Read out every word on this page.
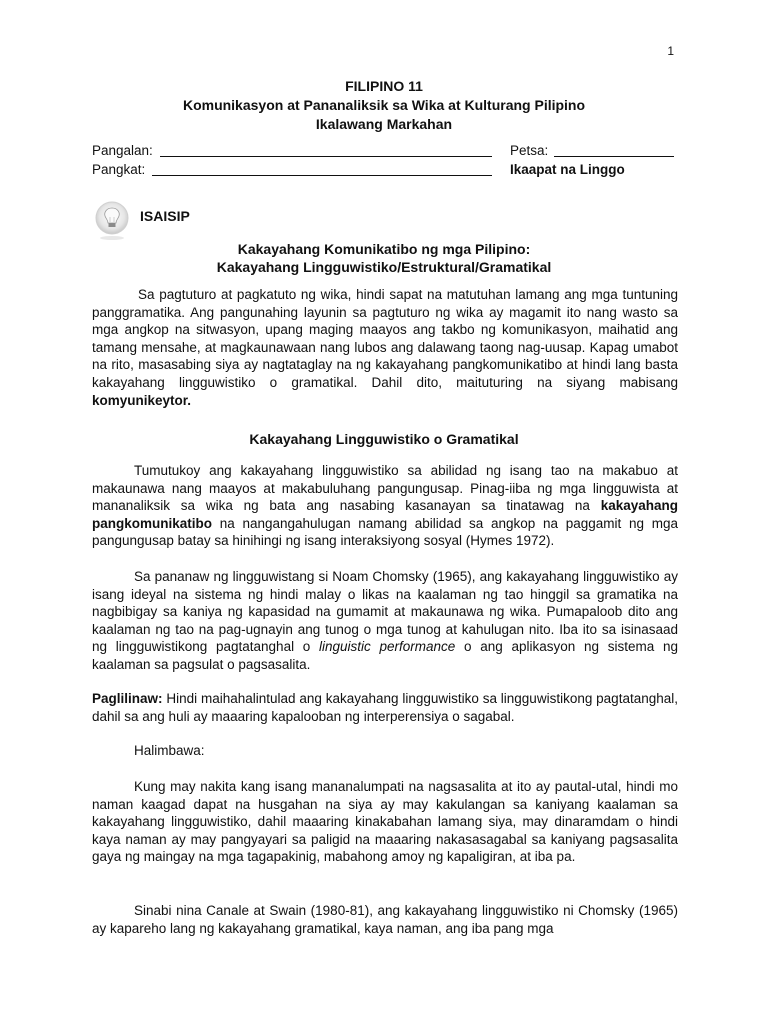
1
FILIPINO 11
Komunikasyon at Pananaliksik sa Wika at Kulturang Pilipino
Ikalawang Markahan
Pangalan:	Petsa:
Pangkat:	Ikaapat na Linggo
ISAISIP
Kakayahang Komunikatibo ng mga Pilipino:
Kakayahang Lingguwistiko/Estruktural/Gramatikal

Sa pagtuturo at pagkatuto ng wika, hindi sapat na matutuhan lamang ang mga tuntuning panggramatika. Ang pangunahing layunin sa pagtuturo ng wika ay magamit ito nang wasto sa mga angkop na sitwasyon, upang maging maayos ang takbo ng komunikasyon, maihatid ang tamang mensahe, at magkaunawaan nang lubos ang dalawang taong nag-uusap. Kapag umabot na rito, masasabing siya ay nagtataglay na ng kakayahang pangkomunikatibo at hindi lang basta kakayahang lingguwistiko o gramatikal. Dahil dito, maituturing na siyang mabisang komyunikeytor.

Kakayahang Lingguwistiko o Gramatikal

Tumutukoy ang kakayahang lingguwistiko sa abilidad ng isang tao na makabuo at makaunawa nang maayos at makabuluhang pangungusap. Pinag-iiba ng mga lingguwista at mananaliksik sa wika ng bata ang nasabing kasanayan sa tinatawag na kakayahang pangkomunikatibo na nangangahulugan namang abilidad sa angkop na paggamit ng mga pangungusap batay sa hinihingi ng isang interaksiyong sosyal (Hymes 1972).

Sa pananaw ng lingguwistang si Noam Chomsky (1965), ang kakayahang lingguwistiko ay isang ideyal na sistema ng hindi malay o likas na kaalaman ng tao hinggil sa gramatika na nagbibigay sa kaniya ng kapasidad na gumamit at makaunawa ng wika. Pumapaloob dito ang kaalaman ng tao na pag-ugnayin ang tunog o mga tunog at kahulugan nito. Iba ito sa isinasaad ng lingguwistikong pagtatanghal o linguistic performance o ang aplikasyon ng sistema ng kaalaman sa pagsulat o pagsasalita.

Paglilinaw: Hindi maihahalintulad ang kakayahang lingguwistiko sa lingguwistikong pagtatanghal, dahil sa ang huli ay maaaring kapalooban ng interperensiya o sagabal.

Halimbawa:

Kung may nakita kang isang mananalumpati na nagsasalita at ito ay pautal-utal, hindi mo naman kaagad dapat na husgahan na siya ay may kakulangan sa kaniyang kaalaman sa kakayahang lingguwistiko, dahil maaaring kinakabahan lamang siya, may dinaramdam o hindi kaya naman ay may pangyayari sa paligid na maaaring nakasasagabal sa kaniyang pagsasalita gaya ng maingay na mga tagapakinig, mabahong amoy ng kapaligiran, at iba pa.

Sinabi nina Canale at Swain (1980-81), ang kakayahang lingguwistiko ni Chomsky (1965) ay kapareho lang ng kakayahang gramatikal, kaya naman, ang iba pang mga
